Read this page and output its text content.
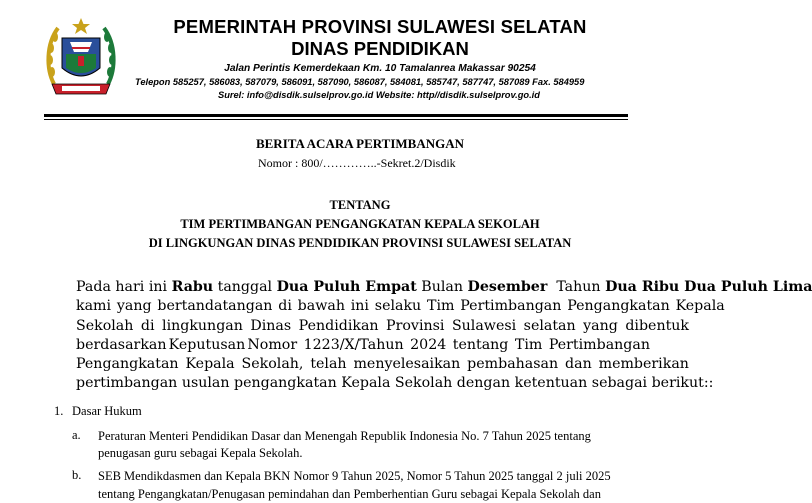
PEMERINTAH PROVINSI SULAWESI SELATAN
DINAS PENDIDIKAN
Jalan Perintis Kemerdekaan Km. 10 Tamalanrea Makassar 90254
Telepon 585257, 586083, 587079, 586091, 587090, 586087, 584081, 585747, 587747, 587089 Fax. 584959
Surel: info@disdik.sulselprov.go.id Website: http//disdik.sulselprov.go.id
BERITA ACARA PERTIMBANGAN
Nomor : 800/…………..-Sekret.2/Disdik
TENTANG
TIM PERTIMBANGAN PENGANGKATAN KEPALA SEKOLAH
DI LINGKUNGAN DINAS PENDIDIKAN PROVINSI SULAWESI SELATAN
Pada hari ini Rabu tanggal Dua Puluh Empat Bulan Desember  Tahun Dua Ribu Dua Puluh Lima
kami yang bertandatangan di bawah ini selaku Tim Pertimbangan Pengangkatan Kepala
Sekolah di lingkungan Dinas Pendidikan Provinsi Sulawesi selatan yang dibentuk
berdasarkan Keputusan Nomor 1223/X/Tahun 2024 tentang Tim Pertimbangan
Pengangkatan Kepala Sekolah, telah menyelesaikan pembahasan dan memberikan
pertimbangan usulan pengangkatan Kepala Sekolah dengan ketentuan sebagai berikut::
1. Dasar Hukum
a. Peraturan Menteri Pendidikan Dasar dan Menengah Republik Indonesia No. 7 Tahun 2025 tentang
penugasan guru sebagai Kepala Sekolah.
b. SEB Mendikdasmen dan Kepala BKN Nomor 9 Tahun 2025, Nomor 5 Tahun 2025 tanggal 2 juli 2025
tentang Pengangkatan/Penugasan pemindahan dan Pemberhentian Guru sebagai Kepala Sekolah dan
